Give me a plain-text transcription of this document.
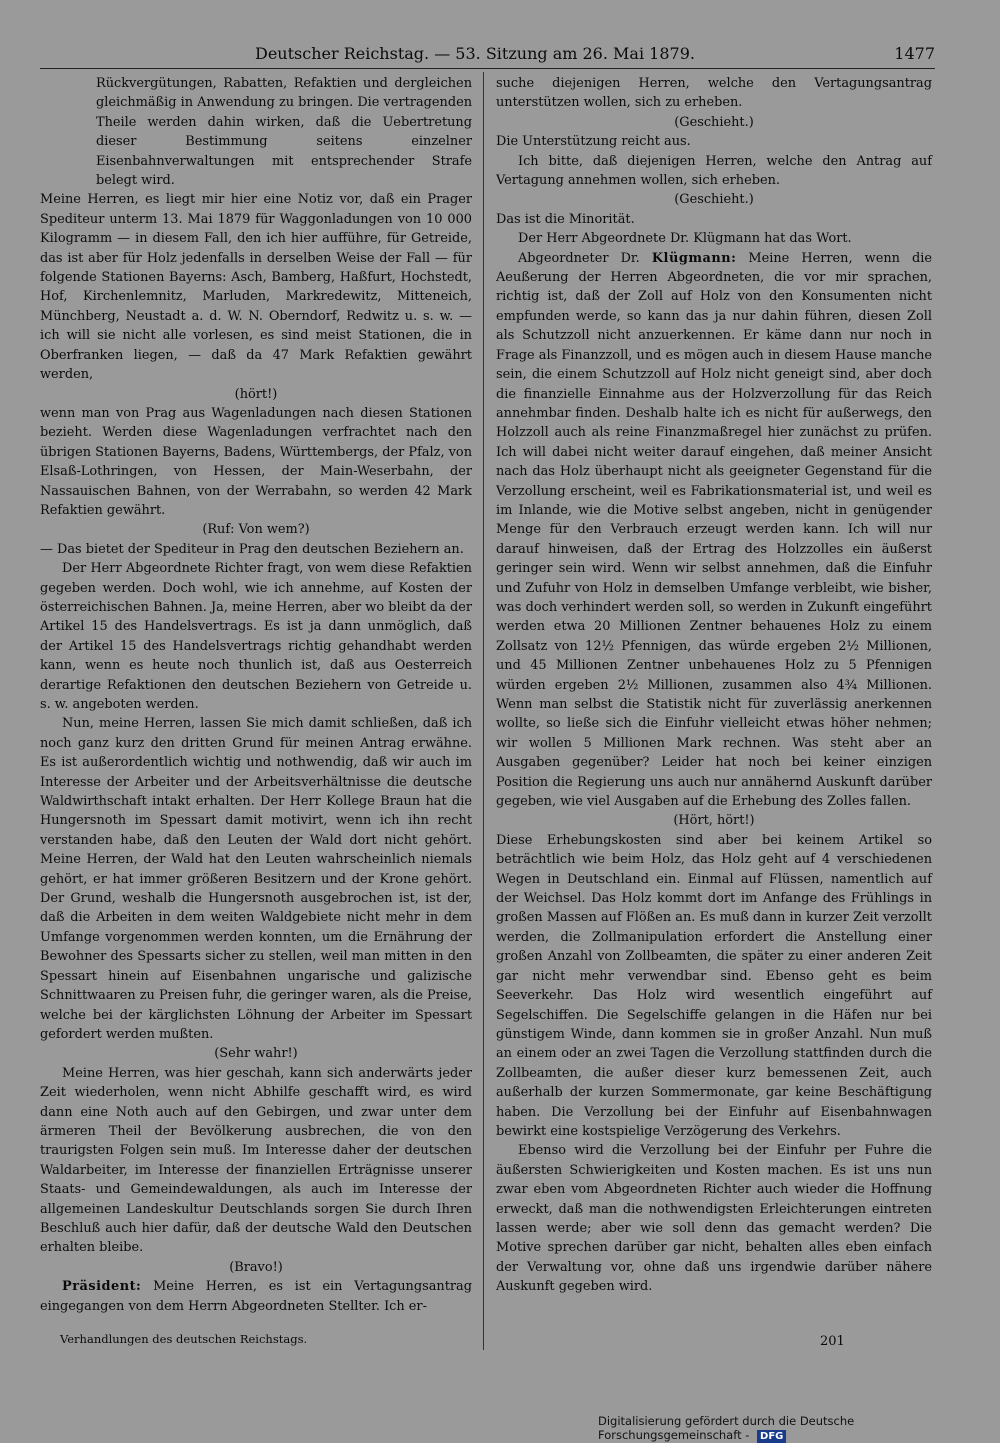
Deutscher Reichstag. — 53. Sitzung am 26. Mai 1879.	1477

Rückvergütungen, Rabatten, Refaktien und dergleichen gleichmäßig in Anwendung zu bringen. Die vertragenden Theile werden dahin wirken, daß die Uebertretung dieser Bestimmung seitens einzelner Eisenbahnverwaltungen mit entsprechender Strafe belegt wird.

Meine Herren, es liegt mir hier eine Notiz vor, daß ein Prager Spediteur unterm 13. Mai 1879 für Waggonladungen von 10 000 Kilogramm — in diesem Fall, den ich hier aufführe, für Getreide, das ist aber für Holz jedenfalls in derselben Weise der Fall — für folgende Stationen Bayerns: Asch, Bamberg, Haßfurt, Hochstedt, Hof, Kirchenlemnitz, Marluden, Markredewitz, Mitteneich, Münchberg, Neustadt a. d. W. N. Oberndorf, Redwitz u. s. w. — ich will sie nicht alle vorlesen, es sind meist Stationen, die in Oberfranken liegen, — daß da 47 Mark Refaktien gewährt werden,

(hört!)

wenn man von Prag aus Wagenladungen nach diesen Stationen bezieht. Werden diese Wagenladungen verfrachtet nach den übrigen Stationen Bayerns, Badens, Württembergs, der Pfalz, von Elsaß-Lothringen, von Hessen, der Main-Weserbahn, der Nassauischen Bahnen, von der Werrabahn, so werden 42 Mark Refaktien gewährt.

(Ruf: Von wem?)

— Das bietet der Spediteur in Prag den deutschen Beziehern an.

Der Herr Abgeordnete Richter fragt, von wem diese Refaktien gegeben werden. Doch wohl, wie ich annehme, auf Kosten der österreichischen Bahnen. Ja, meine Herren, aber wo bleibt da der Artikel 15 des Handelsvertrags. Es ist ja dann unmöglich, daß der Artikel 15 des Handelsvertrags richtig gehandhabt werden kann, wenn es heute noch thunlich ist, daß aus Oesterreich derartige Refaktionen den deutschen Beziehern von Getreide u. s. w. angeboten werden.

Nun, meine Herren, lassen Sie mich damit schließen, daß ich noch ganz kurz den dritten Grund für meinen Antrag erwähne. Es ist außerordentlich wichtig und nothwendig, daß wir auch im Interesse der Arbeiter und der Arbeitsverhältnisse die deutsche Waldwirthschaft intakt erhalten. Der Herr Kollege Braun hat die Hungersnoth im Spessart damit motivirt, wenn ich ihn recht verstanden habe, daß den Leuten der Wald dort nicht gehört. Meine Herren, der Wald hat den Leuten wahrscheinlich niemals gehört, er hat immer größeren Besitzern und der Krone gehört. Der Grund, weshalb die Hungersnoth ausgebrochen ist, ist der, daß die Arbeiten in dem weiten Waldgebiete nicht mehr in dem Umfange vorgenommen werden konnten, um die Ernährung der Bewohner des Spessarts sicher zu stellen, weil man mitten in den Spessart hinein auf Eisenbahnen ungarische und galizische Schnittwaaren zu Preisen fuhr, die geringer waren, als die Preise, welche bei der kärglichsten Löhnung der Arbeiter im Spessart gefordert werden mußten.

(Sehr wahr!)

Meine Herren, was hier geschah, kann sich anderwärts jeder Zeit wiederholen, wenn nicht Abhilfe geschafft wird, es wird dann eine Noth auch auf den Gebirgen, und zwar unter dem ärmeren Theil der Bevölkerung ausbrechen, die von den traurigsten Folgen sein muß. Im Interesse daher der deutschen Waldarbeiter, im Interesse der finanziellen Erträgnisse unserer Staats- und Gemeindewaldungen, als auch im Interesse der allgemeinen Landeskultur Deutschlands sorgen Sie durch Ihren Beschluß auch hier dafür, daß der deutsche Wald den Deutschen erhalten bleibe.

(Bravo!)

Präsident: Meine Herren, es ist ein Vertagungsantrag eingegangen von dem Herrn Abgeordneten Stellter. Ich er-

suche diejenigen Herren, welche den Vertagungsantrag unterstützen wollen, sich zu erheben.

(Geschieht.)

Die Unterstützung reicht aus.

Ich bitte, daß diejenigen Herren, welche den Antrag auf Vertagung annehmen wollen, sich erheben.

(Geschieht.)

Das ist die Minorität.

Der Herr Abgeordnete Dr. Klügmann hat das Wort.

Abgeordneter Dr. Klügmann: Meine Herren, wenn die Aeußerung der Herren Abgeordneten, die vor mir sprachen, richtig ist, daß der Zoll auf Holz von den Konsumenten nicht empfunden werde, so kann das ja nur dahin führen, diesen Zoll als Schutzzoll nicht anzuerkennen. Er käme dann nur noch in Frage als Finanzzoll, und es mögen auch in diesem Hause manche sein, die einem Schutzzoll auf Holz nicht geneigt sind, aber doch die finanzielle Einnahme aus der Holzverzollung für das Reich annehmbar finden. Deshalb halte ich es nicht für außerwegs, den Holzzoll auch als reine Finanzmaßregel hier zunächst zu prüfen. Ich will dabei nicht weiter darauf eingehen, daß meiner Ansicht nach das Holz überhaupt nicht als geeigneter Gegenstand für die Verzollung erscheint, weil es Fabrikationsmaterial ist, und weil es im Inlande, wie die Motive selbst angeben, nicht in genügender Menge für den Verbrauch erzeugt werden kann. Ich will nur darauf hinweisen, daß der Ertrag des Holzzolles ein äußerst geringer sein wird. Wenn wir selbst annehmen, daß die Einfuhr und Zufuhr von Holz in demselben Umfange verbleibt, wie bisher, was doch verhindert werden soll, so werden in Zukunft eingeführt werden etwa 20 Millionen Zentner behauenes Holz zu einem Zollsatz von 12½ Pfennigen, das würde ergeben 2½ Millionen, und 45 Millionen Zentner unbehauenes Holz zu 5 Pfennigen würden ergeben 2½ Millionen, zusammen also 4¾ Millionen. Wenn man selbst die Statistik nicht für zuverlässig anerkennen wollte, so ließe sich die Einfuhr vielleicht etwas höher nehmen; wir wollen 5 Millionen Mark rechnen. Was steht aber an Ausgaben gegenüber? Leider hat noch bei keiner einzigen Position die Regierung uns auch nur annähernd Auskunft darüber gegeben, wie viel Ausgaben auf die Erhebung des Zolles fallen.

(Hört, hört!)

Diese Erhebungskosten sind aber bei keinem Artikel so beträchtlich wie beim Holz, das Holz geht auf 4 verschiedenen Wegen in Deutschland ein. Einmal auf Flüssen, namentlich auf der Weichsel. Das Holz kommt dort im Anfange des Frühlings in großen Massen auf Flößen an. Es muß dann in kurzer Zeit verzollt werden, die Zollmanipulation erfordert die Anstellung einer großen Anzahl von Zollbeamten, die später zu einer anderen Zeit gar nicht mehr verwendbar sind. Ebenso geht es beim Seeverkehr. Das Holz wird wesentlich eingeführt auf Segelschiffen. Die Segelschiffe gelangen in die Häfen nur bei günstigem Winde, dann kommen sie in großer Anzahl. Nun muß an einem oder an zwei Tagen die Verzollung stattfinden durch die Zollbeamten, die außer dieser kurz bemessenen Zeit, auch außerhalb der kurzen Sommermonate, gar keine Beschäftigung haben. Die Verzollung bei der Einfuhr auf Eisenbahnwagen bewirkt eine kostspielige Verzögerung des Verkehrs.

Ebenso wird die Verzollung bei der Einfuhr per Fuhre die äußersten Schwierigkeiten und Kosten machen. Es ist uns nun zwar eben vom Abgeordneten Richter auch wieder die Hoffnung erweckt, daß man die nothwendigsten Erleichterungen eintreten lassen werde; aber wie soll denn das gemacht werden? Die Motive sprechen darüber gar nicht, behalten alles eben einfach der Verwaltung vor, ohne daß uns irgendwie darüber nähere Auskunft gegeben wird.

Verhandlungen des deutschen Reichstags.	201
Digitalisierung gefördert durch die Deutsche Forschungsgemeinschaft - DFG
